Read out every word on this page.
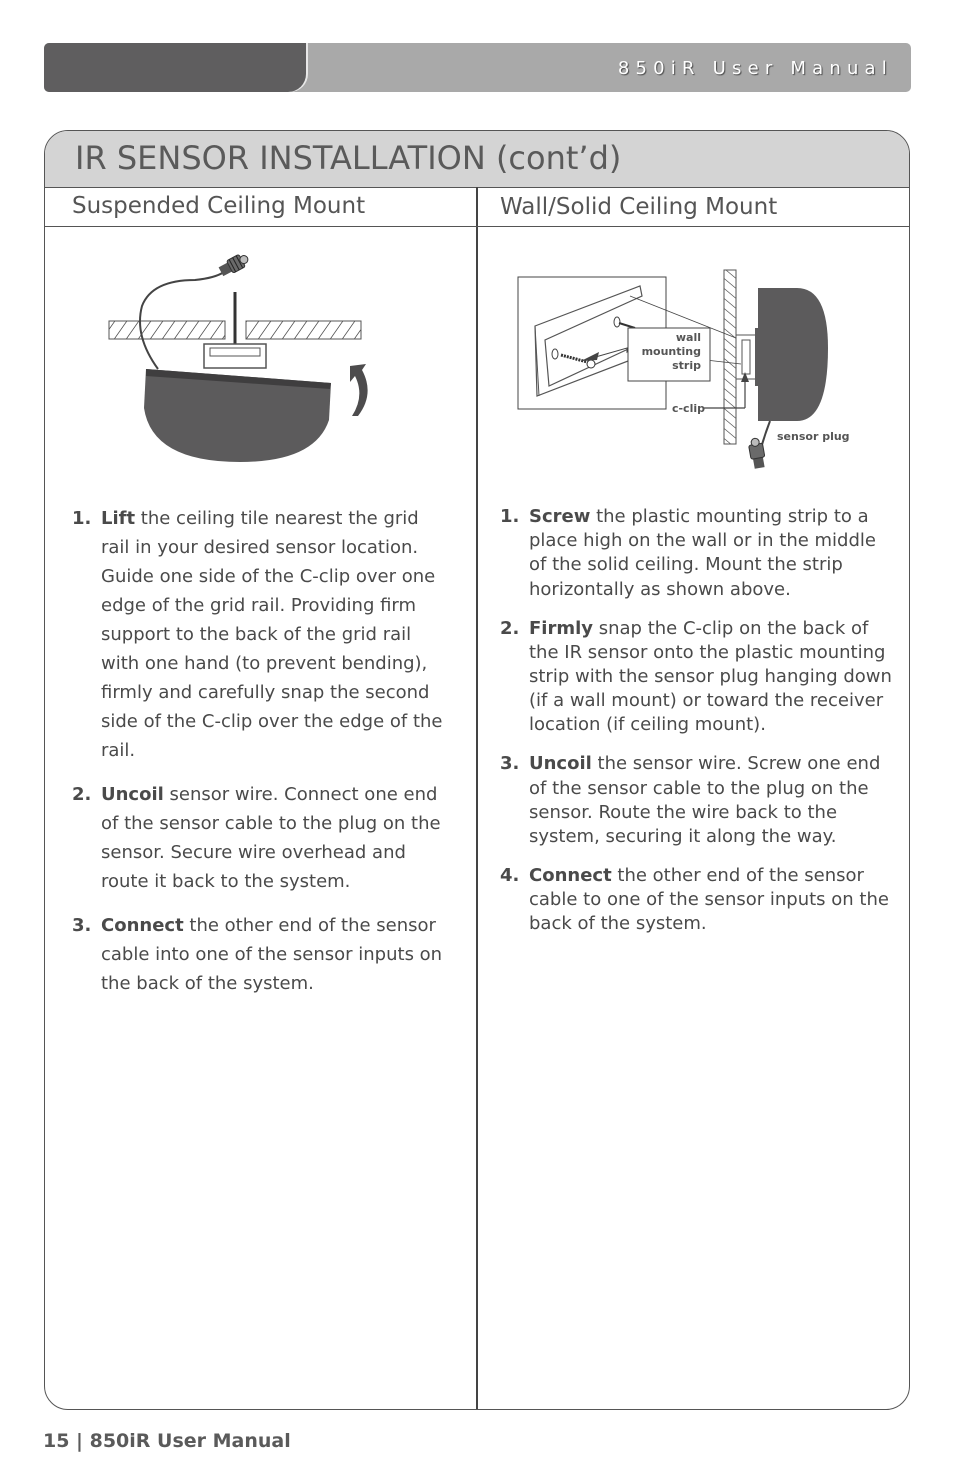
850iR User Manual
IR SENSOR INSTALLATION (cont’d)
Suspended Ceiling Mount	Wall/Solid Ceiling Mount
wall mounting strip
c-clip
sensor plug
1. Lift the ceiling tile nearest the grid rail in your desired sensor location. Guide one side of the C-clip over one edge of the grid rail. Providing firm support to the back of the grid rail with one hand (to prevent bending), firmly and carefully snap the second side of the C-clip over the edge of the rail.
2. Uncoil sensor wire. Connect one end of the sensor cable to the plug on the sensor. Secure wire overhead and route it back to the system.
3. Connect the other end of the sensor cable into one of the sensor inputs on the back of the system.
1. Screw the plastic mounting strip to a place high on the wall or in the middle of the solid ceiling. Mount the strip horizontally as shown above.
2. Firmly snap the C-clip on the back of the IR sensor onto the plastic mounting strip with the sensor plug hanging down (if a wall mount) or toward the receiver location (if ceiling mount).
3. Uncoil the sensor wire. Screw one end of the sensor cable to the plug on the sensor. Route the wire back to the system, securing it along the way.
4. Connect the other end of the sensor cable to one of the sensor inputs on the back of the system.
15 | 850iR User Manual
